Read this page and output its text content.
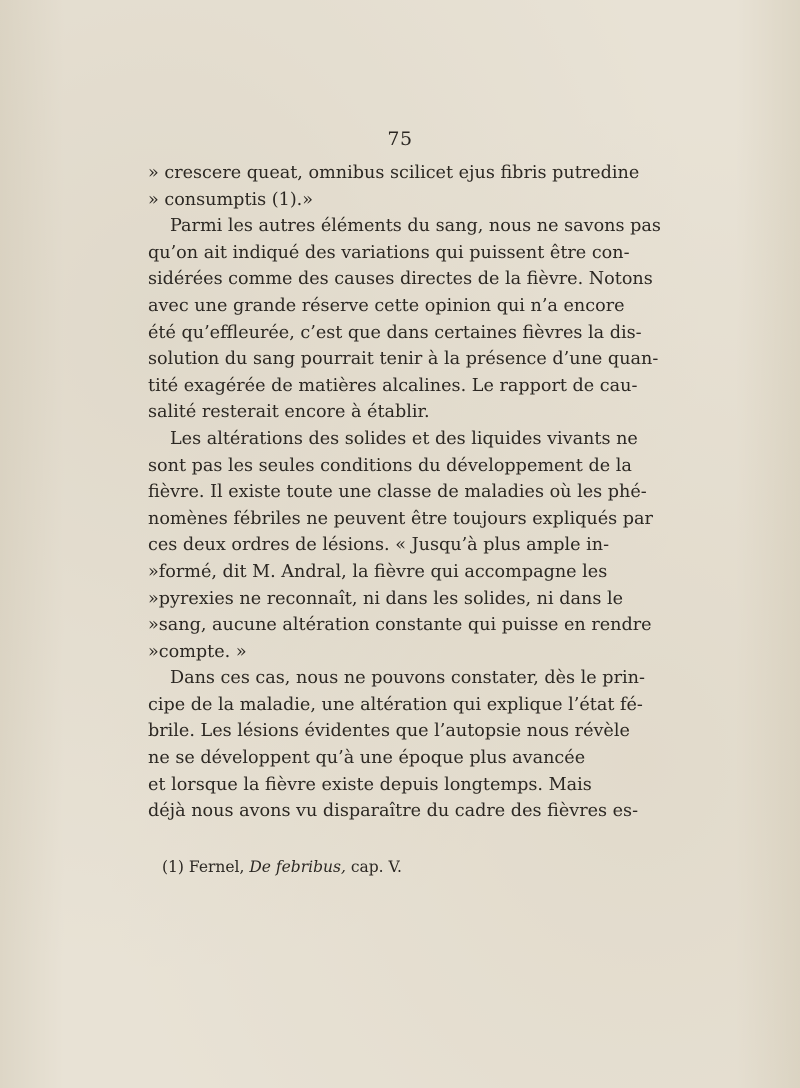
75
» crescere queat, omnibus scilicet ejus fibris putredine
» consumptis (1).»
Parmi les autres éléments du sang, nous ne savons pas
qu’on ait indiqué des variations qui puissent être con-
sidérées comme des causes directes de la fièvre. Notons
avec une grande réserve cette opinion qui n’a encore
été qu’effleurée, c’est que dans certaines fièvres la dis-
solution du sang pourrait tenir à la présence d’une quan-
tité exagérée de matières alcalines. Le rapport de cau-
salité resterait encore à établir.
Les altérations des solides et des liquides vivants ne
sont pas les seules conditions du développement de la
fièvre. Il existe toute une classe de maladies où les phé-
nomènes fébriles ne peuvent être toujours expliqués par
ces deux ordres de lésions. « Jusqu’à plus ample in-
»formé, dit M. Andral, la fièvre qui accompagne les
»pyrexies ne reconnaît, ni dans les solides, ni dans le
»sang, aucune altération constante qui puisse en rendre
»compte. »
Dans ces cas, nous ne pouvons constater, dès le prin-
cipe de la maladie, une altération qui explique l’état fé-
brile. Les lésions évidentes que l’autopsie nous révèle
ne se développent qu’à une époque plus avancée
et lorsque la fièvre existe depuis longtemps. Mais
déjà nous avons vu disparaître du cadre des fièvres es-
(1) Fernel, De febribus, cap. V.
